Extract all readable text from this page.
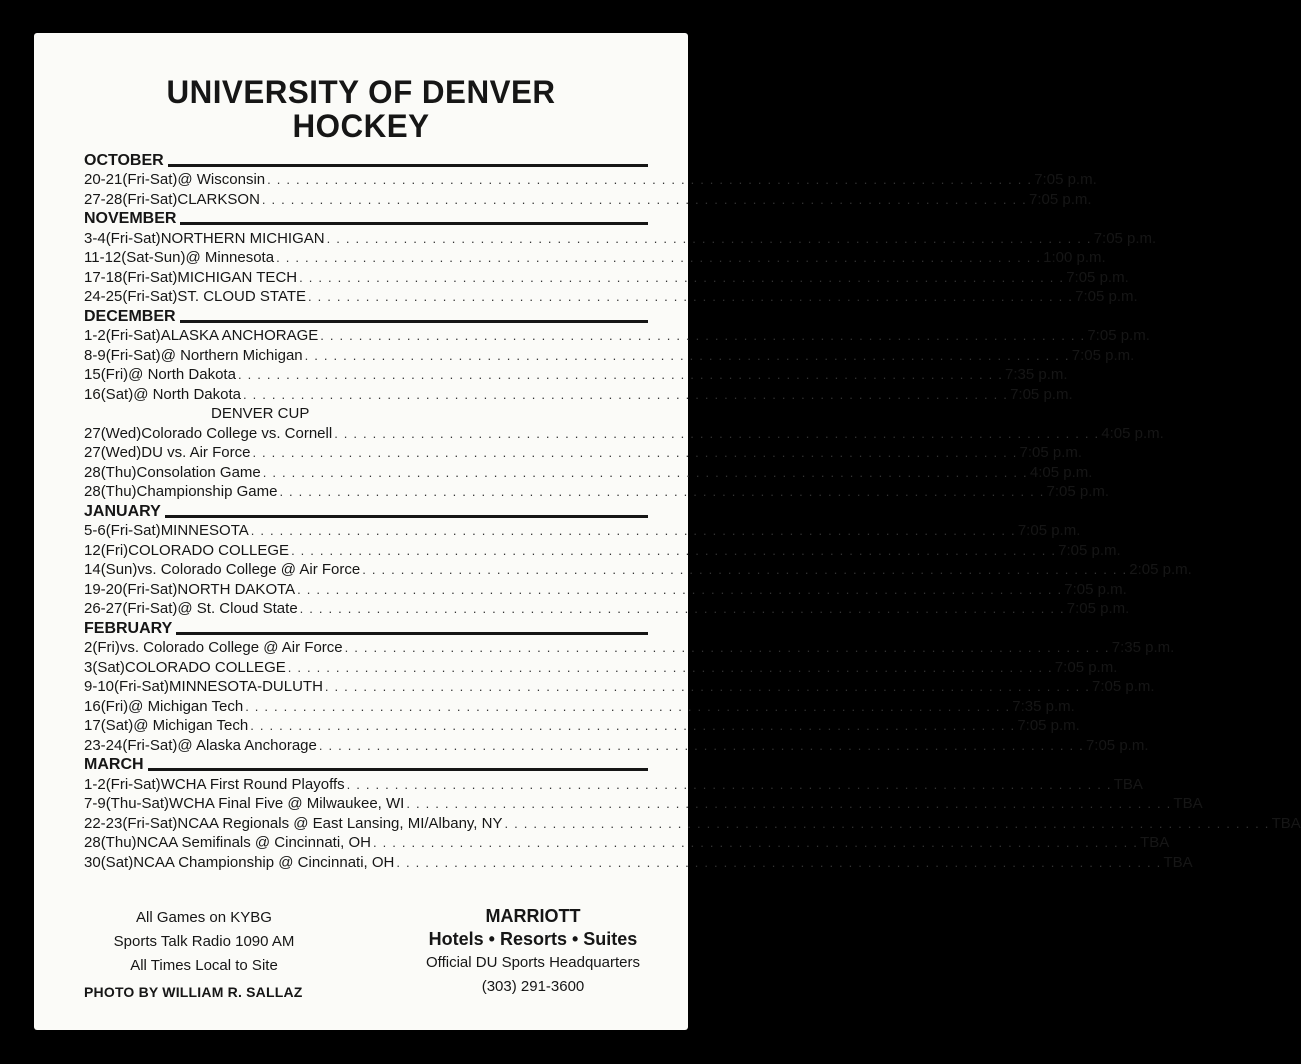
UNIVERSITY OF DENVER
HOCKEY
OCTOBER
20-21 (Fri-Sat) @ Wisconsin . . . . . . . . . . . . . . . . . . . . . . . . . . . . . . . . . . . . . . . . . . . . . . . . . . . . . . . . . . . . . . . . . . . . . . . . . . . . . . . . 7:05 p.m.
27-28 (Fri-Sat) CLARKSON . . . . . . . . . . . . . . . . . . . . . . . . . . . . . . . . . . . . . . . . . . . . . . . . . . . . . . . . . . . . . . . . . . . . . . . . . . . . . . . . 7:05 p.m.
NOVEMBER
3-4 (Fri-Sat) NORTHERN MICHIGAN . . . . . . . . . . . . . . . . . . . . . . . . . . . . . . . . . . . . . . . . . . . . . . . . . . . . . . . . . . . . . . . . . . . . . . . . . . . . . . . . 7:05 p.m.
11-12 (Sat-Sun) @ Minnesota . . . . . . . . . . . . . . . . . . . . . . . . . . . . . . . . . . . . . . . . . . . . . . . . . . . . . . . . . . . . . . . . . . . . . . . . . . . . . . . . 1:00 p.m.
17-18 (Fri-Sat) MICHIGAN TECH . . . . . . . . . . . . . . . . . . . . . . . . . . . . . . . . . . . . . . . . . . . . . . . . . . . . . . . . . . . . . . . . . . . . . . . . . . . . . . . . 7:05 p.m.
24-25 (Fri-Sat) ST. CLOUD STATE . . . . . . . . . . . . . . . . . . . . . . . . . . . . . . . . . . . . . . . . . . . . . . . . . . . . . . . . . . . . . . . . . . . . . . . . . . . . . . . . 7:05 p.m.
DECEMBER
1-2 (Fri-Sat) ALASKA ANCHORAGE . . . . . . . . . . . . . . . . . . . . . . . . . . . . . . . . . . . . . . . . . . . . . . . . . . . . . . . . . . . . . . . . . . . . . . . . . . . . . . . . 7:05 p.m.
8-9 (Fri-Sat) @ Northern Michigan . . . . . . . . . . . . . . . . . . . . . . . . . . . . . . . . . . . . . . . . . . . . . . . . . . . . . . . . . . . . . . . . . . . . . . . . . . . . . . . . 7:05 p.m.
15 (Fri) @ North Dakota . . . . . . . . . . . . . . . . . . . . . . . . . . . . . . . . . . . . . . . . . . . . . . . . . . . . . . . . . . . . . . . . . . . . . . . . . . . . . . . . 7:35 p.m.
16 (Sat) @ North Dakota . . . . . . . . . . . . . . . . . . . . . . . . . . . . . . . . . . . . . . . . . . . . . . . . . . . . . . . . . . . . . . . . . . . . . . . . . . . . . . . . 7:05 p.m.
DENVER CUP
27 (Wed) Colorado College vs. Cornell . . . . . . . . . . . . . . . . . . . . . . . . . . . . . . . . . . . . . . . . . . . . . . . . . . . . . . . . . . . . . . . . . . . . . . . . . . . . . . . . 4:05 p.m.
27 (Wed) DU vs. Air Force . . . . . . . . . . . . . . . . . . . . . . . . . . . . . . . . . . . . . . . . . . . . . . . . . . . . . . . . . . . . . . . . . . . . . . . . . . . . . . . . 7:05 p.m.
28 (Thu) Consolation Game . . . . . . . . . . . . . . . . . . . . . . . . . . . . . . . . . . . . . . . . . . . . . . . . . . . . . . . . . . . . . . . . . . . . . . . . . . . . . . . . 4:05 p.m.
28 (Thu) Championship Game . . . . . . . . . . . . . . . . . . . . . . . . . . . . . . . . . . . . . . . . . . . . . . . . . . . . . . . . . . . . . . . . . . . . . . . . . . . . . . . . 7:05 p.m.
JANUARY
5-6 (Fri-Sat) MINNESOTA . . . . . . . . . . . . . . . . . . . . . . . . . . . . . . . . . . . . . . . . . . . . . . . . . . . . . . . . . . . . . . . . . . . . . . . . . . . . . . . . 7:05 p.m.
12 (Fri) COLORADO COLLEGE . . . . . . . . . . . . . . . . . . . . . . . . . . . . . . . . . . . . . . . . . . . . . . . . . . . . . . . . . . . . . . . . . . . . . . . . . . . . . . . . 7:05 p.m.
14 (Sun) vs. Colorado College @ Air Force . . . . . . . . . . . . . . . . . . . . . . . . . . . . . . . . . . . . . . . . . . . . . . . . . . . . . . . . . . . . . . . . . . . . . . . . . . . . . . . . 2:05 p.m.
19-20 (Fri-Sat) NORTH DAKOTA . . . . . . . . . . . . . . . . . . . . . . . . . . . . . . . . . . . . . . . . . . . . . . . . . . . . . . . . . . . . . . . . . . . . . . . . . . . . . . . . 7:05 p.m.
26-27 (Fri-Sat) @ St. Cloud State . . . . . . . . . . . . . . . . . . . . . . . . . . . . . . . . . . . . . . . . . . . . . . . . . . . . . . . . . . . . . . . . . . . . . . . . . . . . . . . . 7:05 p.m.
FEBRUARY
2 (Fri) vs. Colorado College @ Air Force . . . . . . . . . . . . . . . . . . . . . . . . . . . . . . . . . . . . . . . . . . . . . . . . . . . . . . . . . . . . . . . . . . . . . . . . . . . . . . . . 7:35 p.m.
3 (Sat) COLORADO COLLEGE . . . . . . . . . . . . . . . . . . . . . . . . . . . . . . . . . . . . . . . . . . . . . . . . . . . . . . . . . . . . . . . . . . . . . . . . . . . . . . . . 7:05 p.m.
9-10 (Fri-Sat) MINNESOTA-DULUTH . . . . . . . . . . . . . . . . . . . . . . . . . . . . . . . . . . . . . . . . . . . . . . . . . . . . . . . . . . . . . . . . . . . . . . . . . . . . . . . . 7:05 p.m.
16 (Fri) @ Michigan Tech . . . . . . . . . . . . . . . . . . . . . . . . . . . . . . . . . . . . . . . . . . . . . . . . . . . . . . . . . . . . . . . . . . . . . . . . . . . . . . . . 7:35 p.m.
17 (Sat) @ Michigan Tech . . . . . . . . . . . . . . . . . . . . . . . . . . . . . . . . . . . . . . . . . . . . . . . . . . . . . . . . . . . . . . . . . . . . . . . . . . . . . . . . 7:05 p.m.
23-24 (Fri-Sat) @ Alaska Anchorage . . . . . . . . . . . . . . . . . . . . . . . . . . . . . . . . . . . . . . . . . . . . . . . . . . . . . . . . . . . . . . . . . . . . . . . . . . . . . . . . 7:05 p.m.
MARCH
1-2 (Fri-Sat) WCHA First Round Playoffs . . . . . . . . . . . . . . . . . . . . . . . . . . . . . . . . . . . . . . . . . . . . . . . . . . . . . . . . . . . . . . . . . . . . . . . . . . . . . . . . TBA
7-9 (Thu-Sat) WCHA Final Five @ Milwaukee, WI . . . . . . . . . . . . . . . . . . . . . . . . . . . . . . . . . . . . . . . . . . . . . . . . . . . . . . . . . . . . . . . . . . . . . . . . . . . . . . . . TBA
22-23 (Fri-Sat) NCAA Regionals @ East Lansing, MI/Albany, NY . . . . . . . . . . . . . . . . . . . . . . . . . . . . . . . . . . . . . . . . . . . . . . . . . . . . . . . . . . . . . . . . . . . . . . . . . . . . . . . . TBA
28 (Thu) NCAA Semifinals @ Cincinnati, OH . . . . . . . . . . . . . . . . . . . . . . . . . . . . . . . . . . . . . . . . . . . . . . . . . . . . . . . . . . . . . . . . . . . . . . . . . . . . . . . . TBA
30 (Sat) NCAA Championship @ Cincinnati, OH . . . . . . . . . . . . . . . . . . . . . . . . . . . . . . . . . . . . . . . . . . . . . . . . . . . . . . . . . . . . . . . . . . . . . . . . . . . . . . . . TBA
All Games on KYBG
Sports Talk Radio 1090 AM
All Times Local to Site
PHOTO BY WILLIAM R. SALLAZ
MARRIOTT
Hotels • Resorts • Suites
Official DU Sports Headquarters
(303) 291-3600
